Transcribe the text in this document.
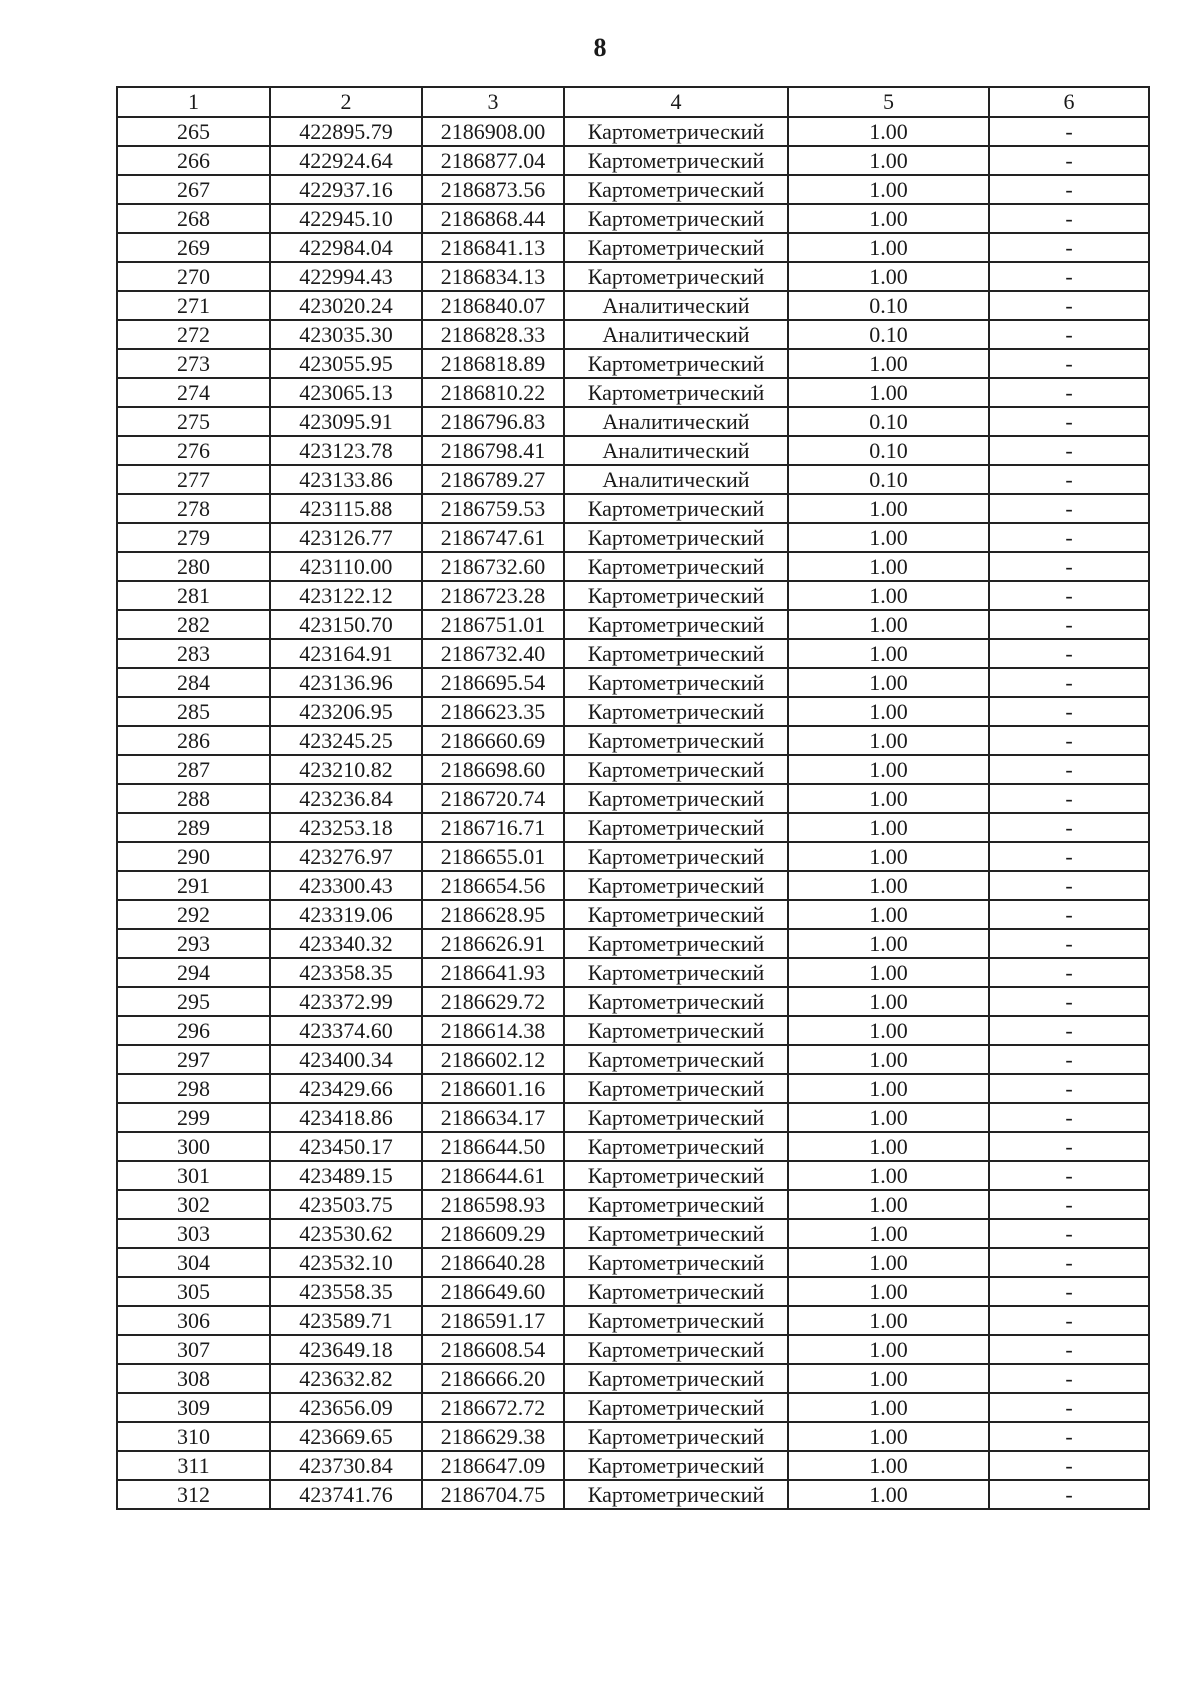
8
1	2	3	4	5	6
265	422895.79	2186908.00	Картометрический	1.00	-
266	422924.64	2186877.04	Картометрический	1.00	-
267	422937.16	2186873.56	Картометрический	1.00	-
268	422945.10	2186868.44	Картометрический	1.00	-
269	422984.04	2186841.13	Картометрический	1.00	-
270	422994.43	2186834.13	Картометрический	1.00	-
271	423020.24	2186840.07	Аналитический	0.10	-
272	423035.30	2186828.33	Аналитический	0.10	-
273	423055.95	2186818.89	Картометрический	1.00	-
274	423065.13	2186810.22	Картометрический	1.00	-
275	423095.91	2186796.83	Аналитический	0.10	-
276	423123.78	2186798.41	Аналитический	0.10	-
277	423133.86	2186789.27	Аналитический	0.10	-
278	423115.88	2186759.53	Картометрический	1.00	-
279	423126.77	2186747.61	Картометрический	1.00	-
280	423110.00	2186732.60	Картометрический	1.00	-
281	423122.12	2186723.28	Картометрический	1.00	-
282	423150.70	2186751.01	Картометрический	1.00	-
283	423164.91	2186732.40	Картометрический	1.00	-
284	423136.96	2186695.54	Картометрический	1.00	-
285	423206.95	2186623.35	Картометрический	1.00	-
286	423245.25	2186660.69	Картометрический	1.00	-
287	423210.82	2186698.60	Картометрический	1.00	-
288	423236.84	2186720.74	Картометрический	1.00	-
289	423253.18	2186716.71	Картометрический	1.00	-
290	423276.97	2186655.01	Картометрический	1.00	-
291	423300.43	2186654.56	Картометрический	1.00	-
292	423319.06	2186628.95	Картометрический	1.00	-
293	423340.32	2186626.91	Картометрический	1.00	-
294	423358.35	2186641.93	Картометрический	1.00	-
295	423372.99	2186629.72	Картометрический	1.00	-
296	423374.60	2186614.38	Картометрический	1.00	-
297	423400.34	2186602.12	Картометрический	1.00	-
298	423429.66	2186601.16	Картометрический	1.00	-
299	423418.86	2186634.17	Картометрический	1.00	-
300	423450.17	2186644.50	Картометрический	1.00	-
301	423489.15	2186644.61	Картометрический	1.00	-
302	423503.75	2186598.93	Картометрический	1.00	-
303	423530.62	2186609.29	Картометрический	1.00	-
304	423532.10	2186640.28	Картометрический	1.00	-
305	423558.35	2186649.60	Картометрический	1.00	-
306	423589.71	2186591.17	Картометрический	1.00	-
307	423649.18	2186608.54	Картометрический	1.00	-
308	423632.82	2186666.20	Картометрический	1.00	-
309	423656.09	2186672.72	Картометрический	1.00	-
310	423669.65	2186629.38	Картометрический	1.00	-
311	423730.84	2186647.09	Картометрический	1.00	-
312	423741.76	2186704.75	Картометрический	1.00	-
